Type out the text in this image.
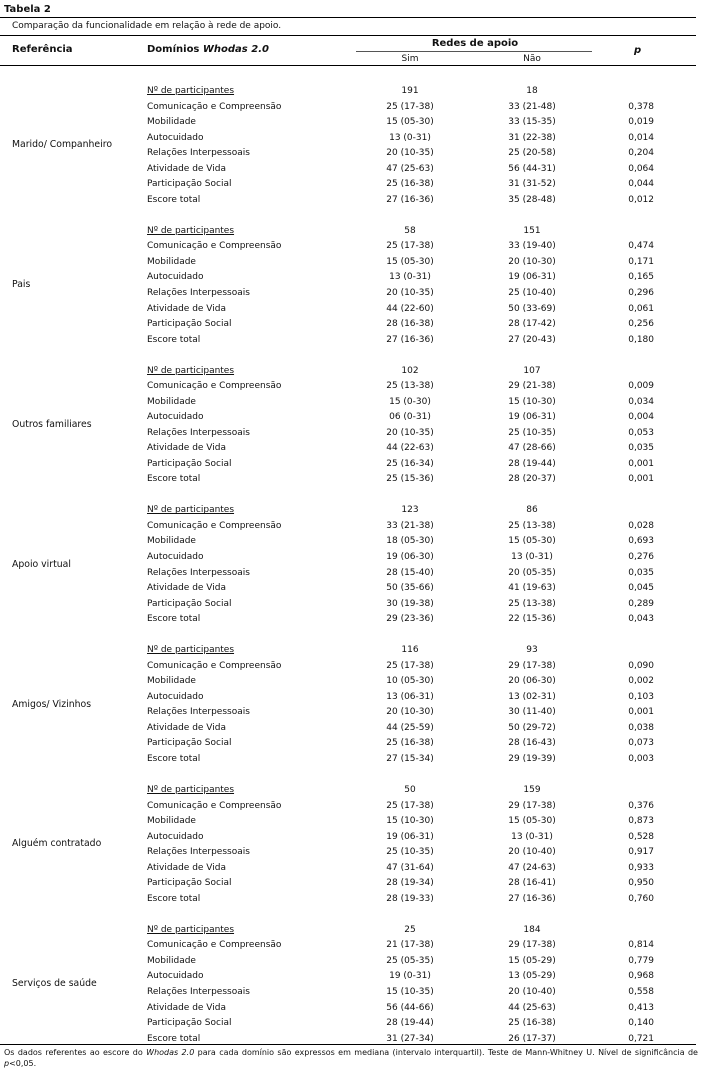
Tabela 2
Comparação da funcionalidade em relação à rede de apoio.
Referência	Domínios Whodas 2.0
Redes de apoio
Sim	Não
p
Marido/ Companheiro
Nº de participantes	191	18
Comunicação e Compreensão	25 (17-38)	33 (21-48)	0,378
Mobilidade	15 (05-30)	33 (15-35)	0,019
Autocuidado	13 (0-31)	31 (22-38)	0,014
Relações Interpessoais	20 (10-35)	25 (20-58)	0,204
Atividade de Vida	47 (25-63)	56 (44-31)	0,064
Participação Social	25 (16-38)	31 (31-52)	0,044
Escore total	27 (16-36)	35 (28-48)	0,012
Pais
Nº de participantes	58	151
Comunicação e Compreensão	25 (17-38)	33 (19-40)	0,474
Mobilidade	15 (05-30)	20 (10-30)	0,171
Autocuidado	13 (0-31)	19 (06-31)	0,165
Relações Interpessoais	20 (10-35)	25 (10-40)	0,296
Atividade de Vida	44 (22-60)	50 (33-69)	0,061
Participação Social	28 (16-38)	28 (17-42)	0,256
Escore total	27 (16-36)	27 (20-43)	0,180
Outros familiares
Nº de participantes	102	107
Comunicação e Compreensão	25 (13-38)	29 (21-38)	0,009
Mobilidade	15 (0-30)	15 (10-30)	0,034
Autocuidado	06 (0-31)	19 (06-31)	0,004
Relações Interpessoais	20 (10-35)	25 (10-35)	0,053
Atividade de Vida	44 (22-63)	47 (28-66)	0,035
Participação Social	25 (16-34)	28 (19-44)	0,001
Escore total	25 (15-36)	28 (20-37)	0,001
Apoio virtual
Nº de participantes	123	86
Comunicação e Compreensão	33 (21-38)	25 (13-38)	0,028
Mobilidade	18 (05-30)	15 (05-30)	0,693
Autocuidado	19 (06-30)	13 (0-31)	0,276
Relações Interpessoais	28 (15-40)	20 (05-35)	0,035
Atividade de Vida	50 (35-66)	41 (19-63)	0,045
Participação Social	30 (19-38)	25 (13-38)	0,289
Escore total	29 (23-36)	22 (15-36)	0,043
Amigos/ Vizinhos
Nº de participantes	116	93
Comunicação e Compreensão	25 (17-38)	29 (17-38)	0,090
Mobilidade	10 (05-30)	20 (06-30)	0,002
Autocuidado	13 (06-31)	13 (02-31)	0,103
Relações Interpessoais	20 (10-30)	30 (11-40)	0,001
Atividade de Vida	44 (25-59)	50 (29-72)	0,038
Participação Social	25 (16-38)	28 (16-43)	0,073
Escore total	27 (15-34)	29 (19-39)	0,003
Alguém contratado
Nº de participantes	50	159
Comunicação e Compreensão	25 (17-38)	29 (17-38)	0,376
Mobilidade	15 (10-30)	15 (05-30)	0,873
Autocuidado	19 (06-31)	13 (0-31)	0,528
Relações Interpessoais	25 (10-35)	20 (10-40)	0,917
Atividade de Vida	47 (31-64)	47 (24-63)	0,933
Participação Social	28 (19-34)	28 (16-41)	0,950
Escore total	28 (19-33)	27 (16-36)	0,760
Serviços de saúde
Nº de participantes	25	184
Comunicação e Compreensão	21 (17-38)	29 (17-38)	0,814
Mobilidade	25 (05-35)	15 (05-29)	0,779
Autocuidado	19 (0-31)	13 (05-29)	0,968
Relações Interpessoais	15 (10-35)	20 (10-40)	0,558
Atividade de Vida	56 (44-66)	44 (25-63)	0,413
Participação Social	28 (19-44)	25 (16-38)	0,140
Escore total	31 (27-34)	26 (17-37)	0,721
Os dados referentes ao escore do Whodas 2.0 para cada domínio são expressos em mediana (intervalo interquartil). Teste de Mann-Whitney U. Nível de significância de p<0,05.
